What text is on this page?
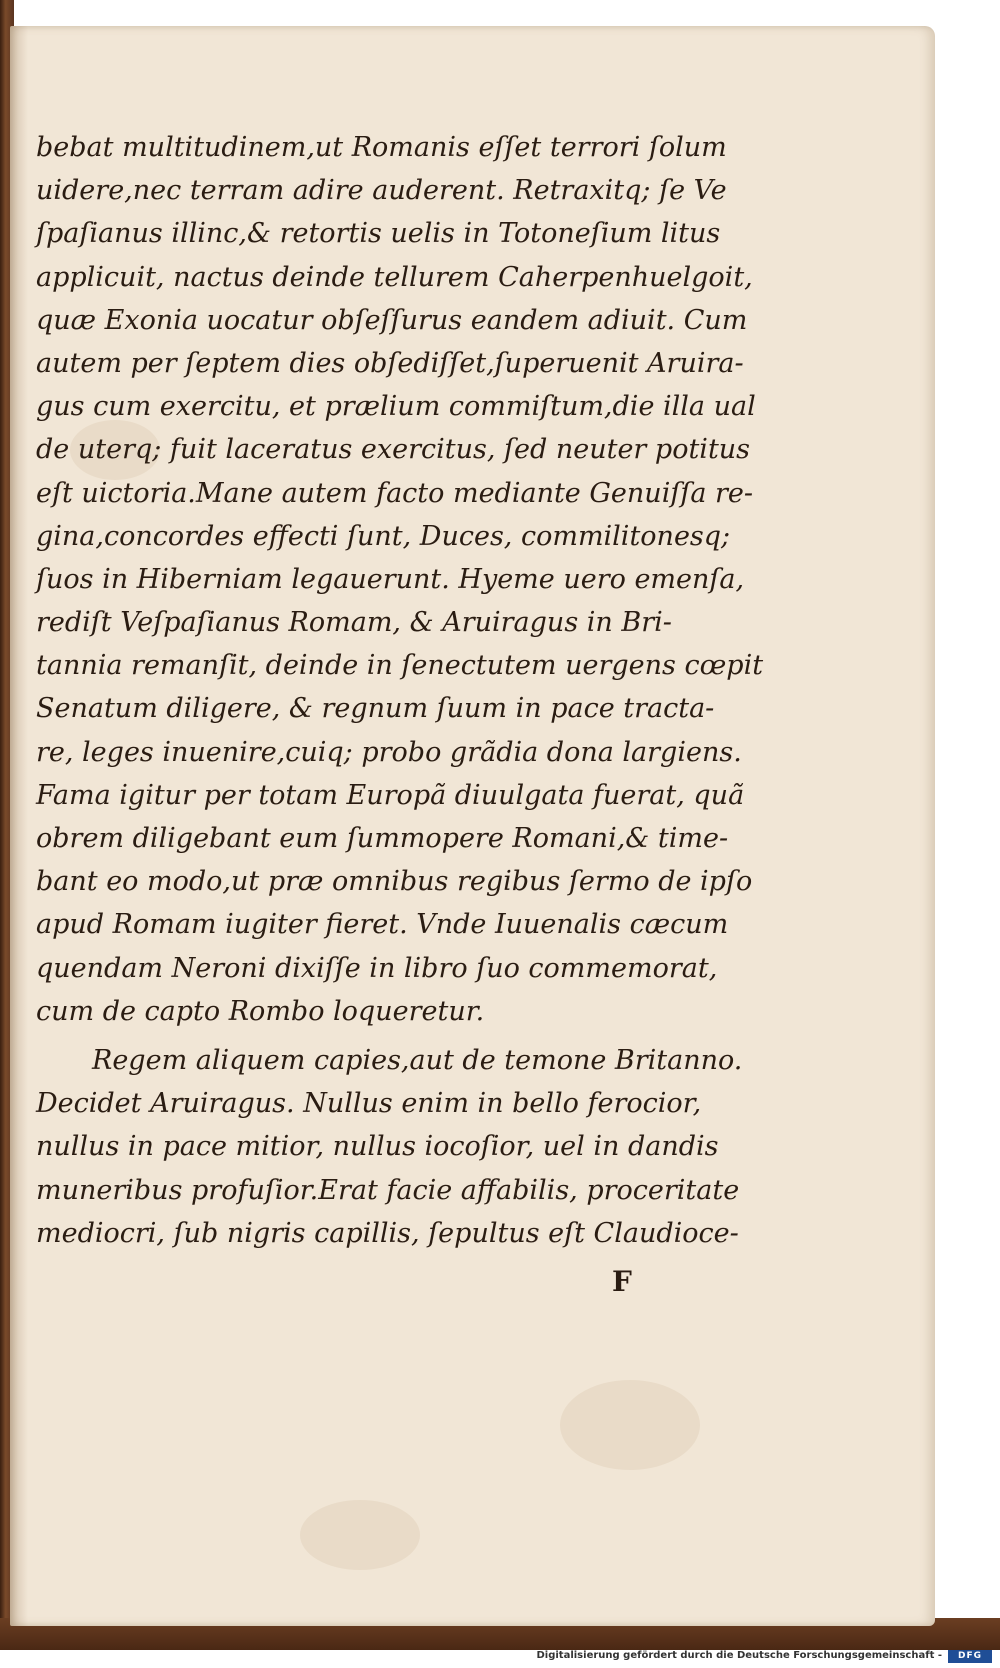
bebat multitudinem,ut Romanis eſſet terrori ſolum
uidere,nec terram adire auderent. Retraxitq; ſe Ve
ſpaſianus illinc,& retortis uelis in Totoneſium litus
applicuit, nactus deinde tellurem Caherpenhuelgoit,
quæ Exonia uocatur obſeſſurus eandem adiuit. Cum
autem per ſeptem dies obſediſſet,ſuperuenit Aruira-
gus cum exercitu, et prælium commiſtum,die illa ual
de uterq; fuit laceratus exercitus, ſed neuter potitus
eſt uictoria.Mane autem facto mediante Genuiſſa re-
gina,concordes effecti ſunt, Duces, commilitonesq;
ſuos in Hiberniam legauerunt. Hyeme uero emenſa,
rediſt Veſpaſianus Romam, & Aruiragus in Bri-
tannia remanſit, deinde in ſenectutem uergens cœpit
Senatum diligere, & regnum ſuum in pace tracta-
re, leges inuenire,cuiq; probo grãdia dona largiens.
Fama igitur per totam Europã diuulgata fuerat, quã
obrem diligebant eum ſummopere Romani,& time-
bant eo modo,ut præ omnibus regibus ſermo de ipſo
apud Romam iugiter fieret. Vnde Iuuenalis cæcum
quendam Neroni dixiſſe in libro ſuo commemorat,
cum de capto Rombo loqueretur.
Regem aliquem capies,aut de temone Britanno.
Decidet Aruiragus. Nullus enim in bello ferocior,
nullus in pace mitior, nullus iocoſior, uel in dandis
muneribus profuſior.Erat facie affabilis, proceritate
mediocri, ſub nigris capillis, ſepultus eſt Claudioce-
F
Digitalisierung gefördert durch die Deutsche Forschungsgemeinschaft -	DFG
